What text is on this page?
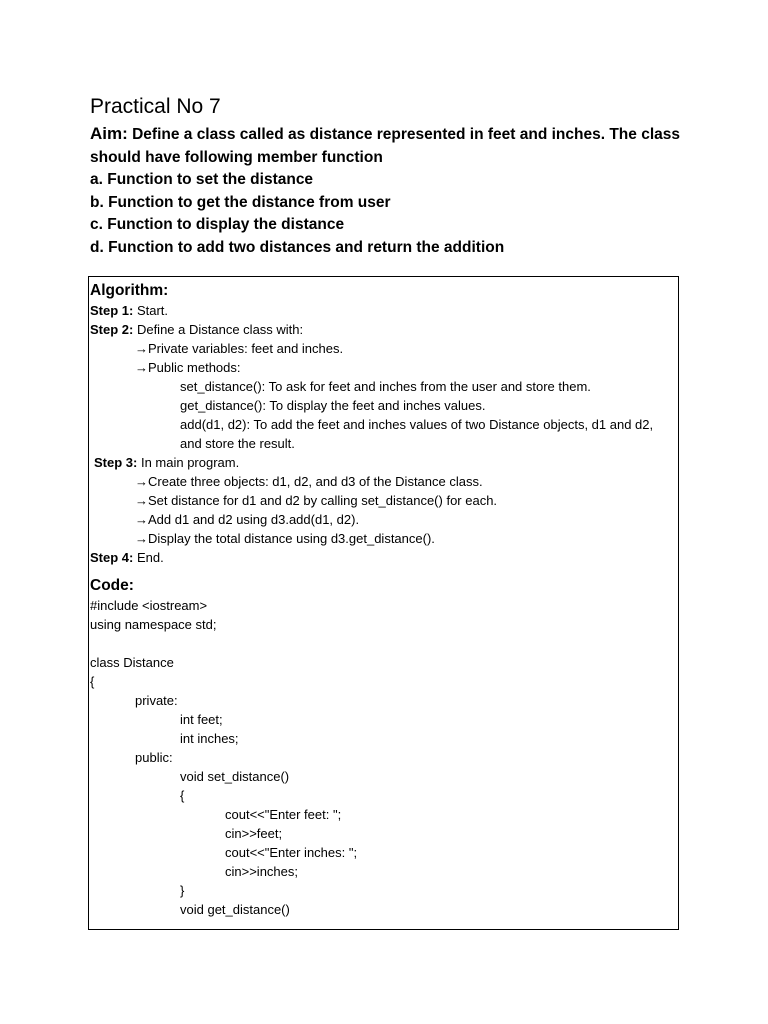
Practical No 7
Aim: Define a class called as distance represented in feet and inches. The class
should have following member function
a. Function to set the distance
b. Function to get the distance from user
c. Function to display the distance
d. Function to add two distances and return the addition
Algorithm:
Step 1: Start.
Step 2: Define a Distance class with:
→Private variables: feet and inches.
→Public methods:
set_distance(): To ask for feet and inches from the user and store them.
get_distance(): To display the feet and inches values.
add(d1, d2): To add the feet and inches values of two Distance objects, d1 and d2, and store the result.
Step 3: In main program.
→Create three objects: d1, d2, and d3 of the Distance class.
→Set distance for d1 and d2 by calling set_distance() for each.
→Add d1 and d2 using d3.add(d1, d2).
→Display the total distance using d3.get_distance().
Step 4: End.
Code:
#include <iostream>
using namespace std;
class Distance
{
private:
int feet;
int inches;
public:
void set_distance()
{
cout<<"Enter feet: ";
cin>>feet;
cout<<"Enter inches: ";
cin>>inches;
}
void get_distance()
